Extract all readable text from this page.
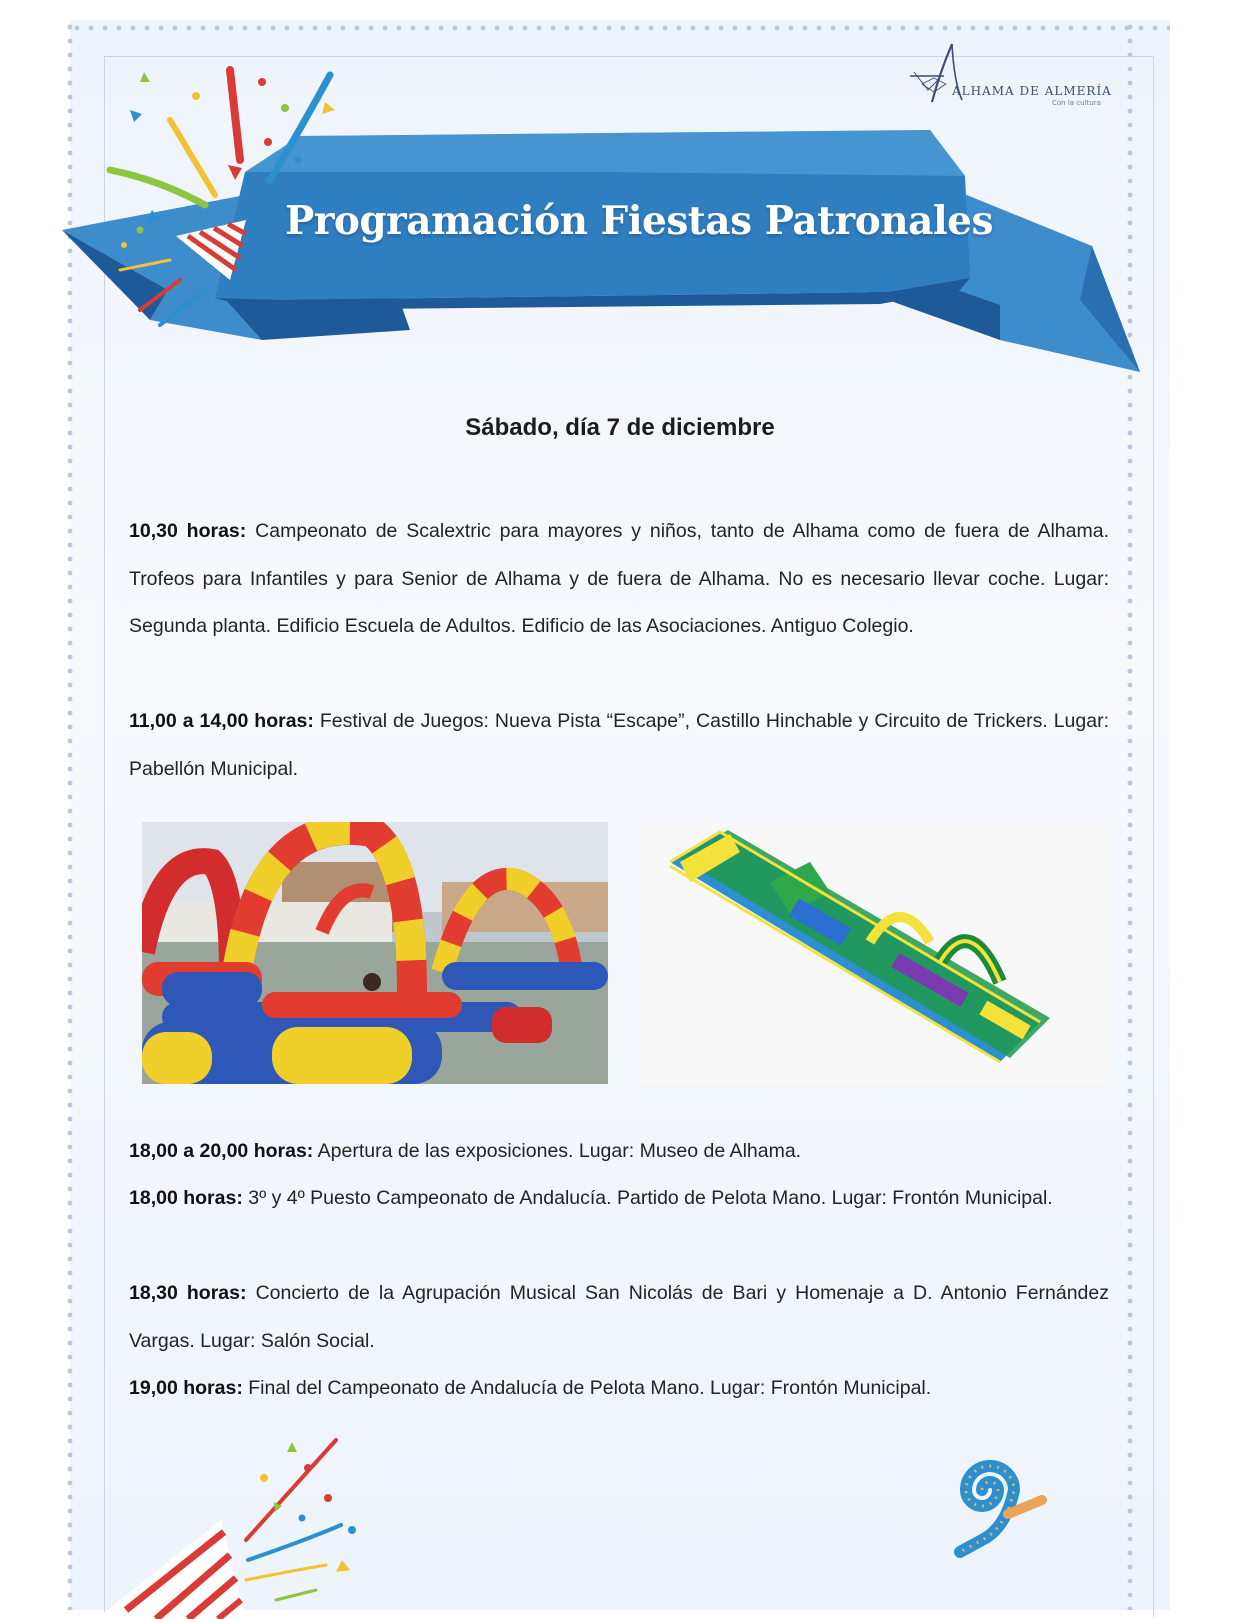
ALHAMA DE ALMERÍA
Con la cultura
Programación Fiestas Patronales
Sábado, día 7 de diciembre

10,30 horas: Campeonato de Scalextric para mayores y niños, tanto de Alhama como de fuera de Alhama. Trofeos para Infantiles y para Senior de Alhama y de fuera de Alhama. No es necesario llevar coche. Lugar: Segunda planta. Edificio Escuela de Adultos. Edificio de las Asociaciones. Antiguo Colegio.

11,00 a 14,00 horas: Festival de Juegos: Nueva Pista “Escape”, Castillo Hinchable y Circuito de Trickers. Lugar: Pabellón Municipal.

18,00 a 20,00 horas: Apertura de las exposiciones. Lugar: Museo de Alhama.

18,00 horas: 3º y 4º Puesto Campeonato de Andalucía. Partido de Pelota Mano. Lugar: Frontón Municipal.

18,30 horas: Concierto de la Agrupación Musical San Nicolás de Bari y Homenaje a D. Antonio Fernández Vargas. Lugar: Salón Social.

19,00 horas: Final del Campeonato de Andalucía de Pelota Mano. Lugar: Frontón Municipal.
